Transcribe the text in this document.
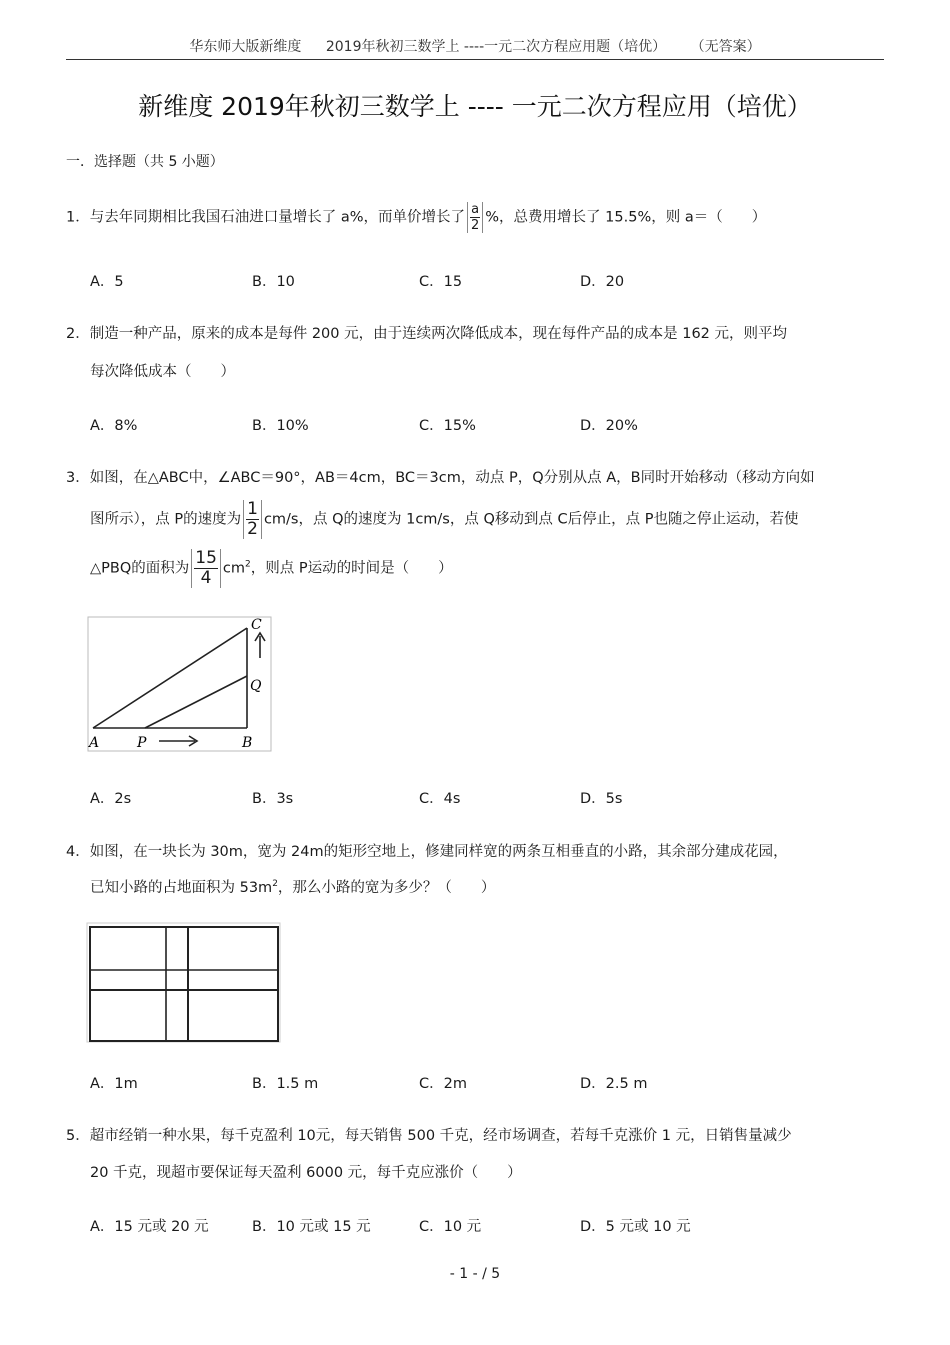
华东师大版新维度 2019年秋初三数学上 ----一元二次方程应用题（培优） （无答案）
新维度 2019年秋初三数学上 ---- 一元二次方程应用（培优）
一．选择题（共 5 小题）
1．与去年同期相比我国石油进口量增长了 a%，而单价增长了 $\frac{a}{2}$ %，总费用增长了 15.5%，则 a＝（　　）
A．5	B．10	C．15	D．20
2．制造一种产品，原来的成本是每件 200 元，由于连续两次降低成本，现在每件产品的成本是 162 元，则平均
每次降低成本（　　）
A．8%	B．10%	C．15%	D．20%
3．如图，在△ABC中，∠ABC＝90°，AB＝4cm，BC＝3cm，动点 P，Q分别从点 A，B同时开始移动（移动方向如
图所示），点 P的速度为 $\frac{1}{2} cm/s$，点 Q的速度为 1cm/s，点 Q移动到点 C后停止，点 P也随之停止运动，若使
△PBQ的面积为 $\frac{15}{4} cm^2$，则点 P运动的时间是（　　）
A	P	B
C
Q
A．2s	B．3s	C．4s	D．5s
4．如图，在一块长为 30m，宽为 24m的矩形空地上，修建同样宽的两条互相垂直的小路，其余部分建成花园，
已知小路的占地面积为 $53m^2$，那么小路的宽为多少？（　　）
A．1m	B．1.5 m	C．2m	D．2.5 m
5．超市经销一种水果，每千克盈利 10元，每天销售 500 千克，经市场调查，若每千克涨价 1 元，日销售量减少
20 千克，现超市要保证每天盈利 6000 元，每千克应涨价（　　）
A．15 元或 20 元	B．10 元或 15 元	C．10 元	D．5 元或 10 元
- 1 - / 5
